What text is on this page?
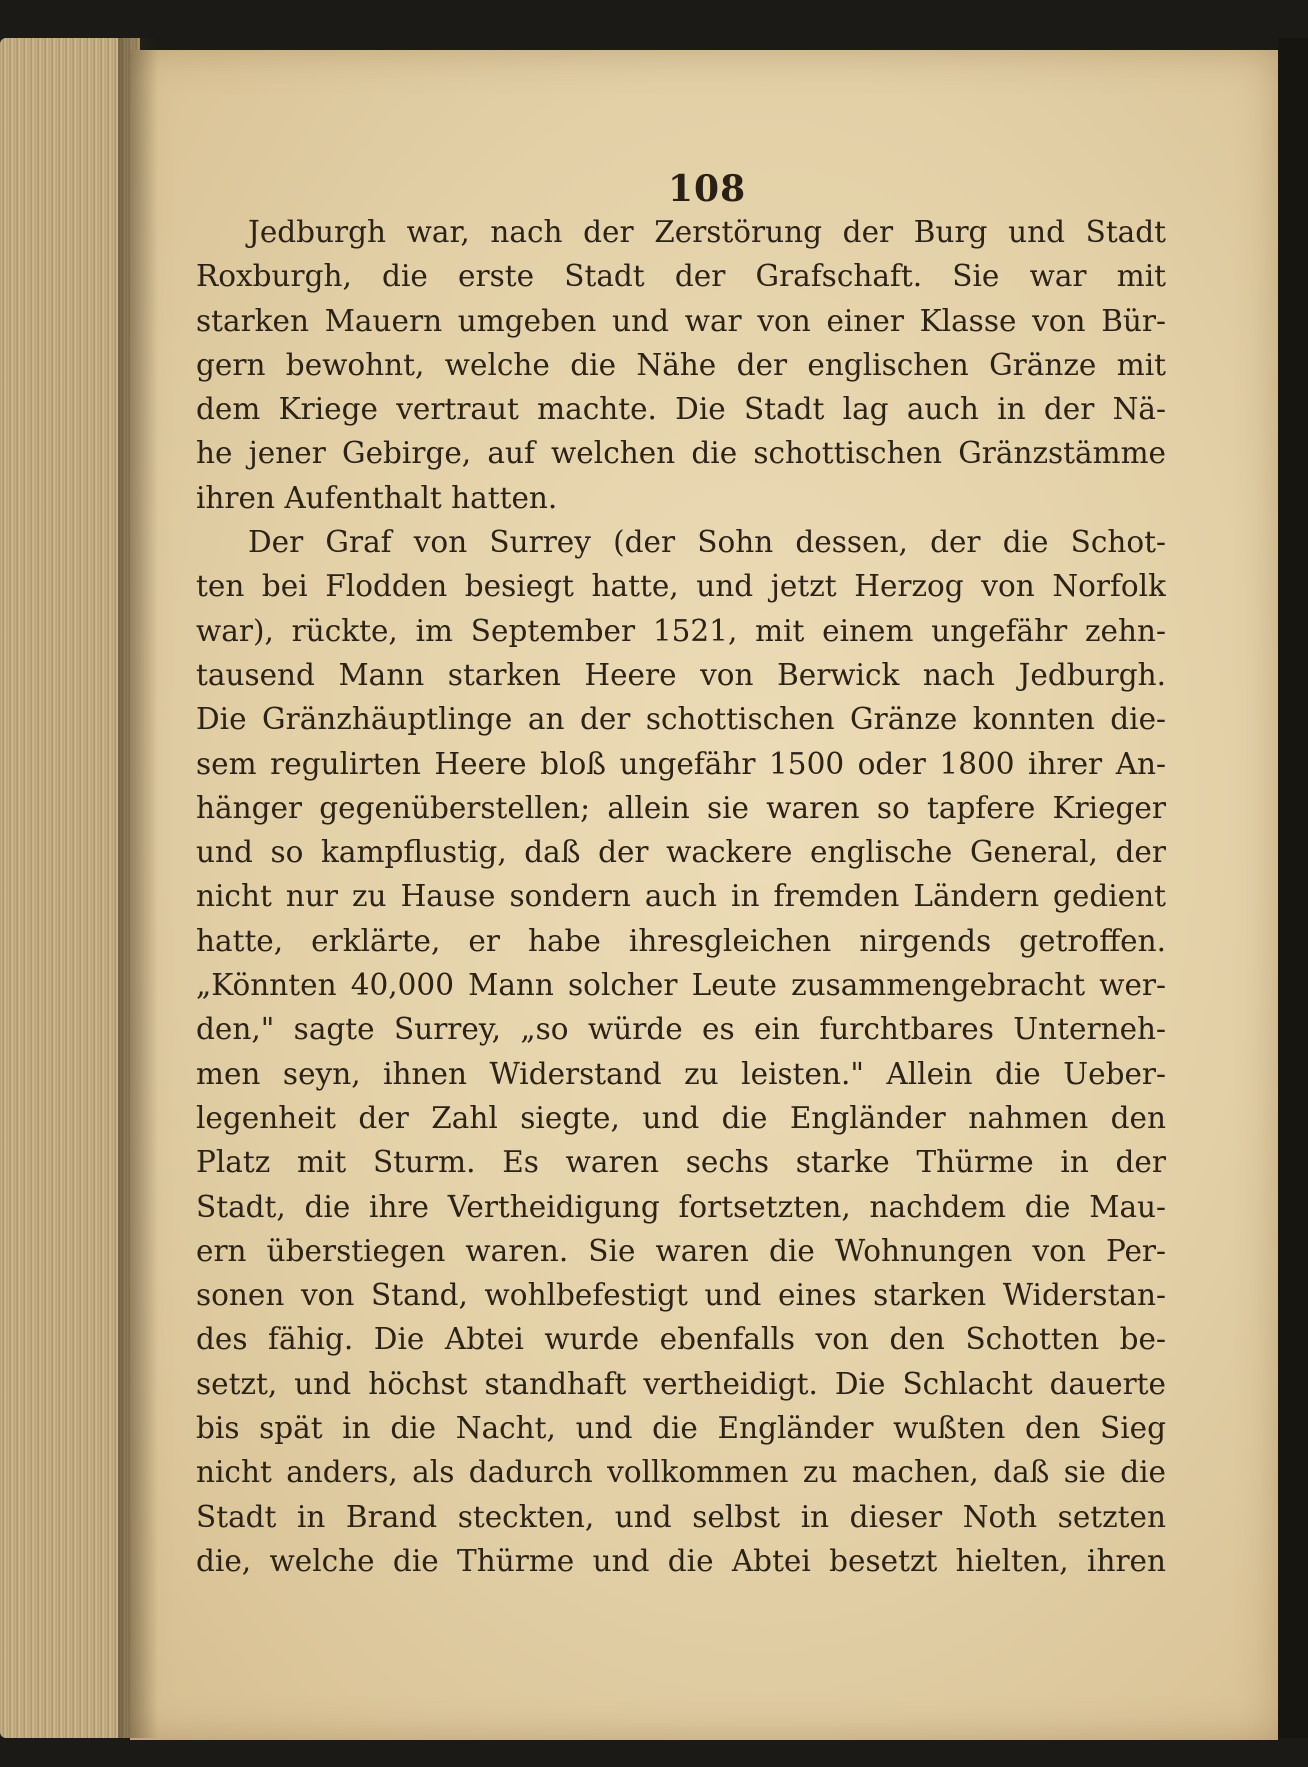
108
Jedburgh war, nach der Zerstörung der Burg und Stadt
Roxburgh, die erste Stadt der Grafschaft. Sie war mit
starken Mauern umgeben und war von einer Klasse von Bür-
gern bewohnt, welche die Nähe der englischen Gränze mit
dem Kriege vertraut machte. Die Stadt lag auch in der Nä-
he jener Gebirge, auf welchen die schottischen Gränzstämme
ihren Aufenthalt hatten.
Der Graf von Surrey (der Sohn dessen, der die Schot-
ten bei Flodden besiegt hatte, und jetzt Herzog von Norfolk
war), rückte, im September 1521, mit einem ungefähr zehn-
tausend Mann starken Heere von Berwick nach Jedburgh.
Die Gränzhäuptlinge an der schottischen Gränze konnten die-
sem regulirten Heere bloß ungefähr 1500 oder 1800 ihrer An-
hänger gegenüberstellen; allein sie waren so tapfere Krieger
und so kampflustig, daß der wackere englische General, der
nicht nur zu Hause sondern auch in fremden Ländern gedient
hatte, erklärte, er habe ihresgleichen nirgends getroffen.
„Könnten 40,000 Mann solcher Leute zusammengebracht wer-
den," sagte Surrey, „so würde es ein furchtbares Unterneh-
men seyn, ihnen Widerstand zu leisten." Allein die Ueber-
legenheit der Zahl siegte, und die Engländer nahmen den
Platz mit Sturm. Es waren sechs starke Thürme in der
Stadt, die ihre Vertheidigung fortsetzten, nachdem die Mau-
ern überstiegen waren. Sie waren die Wohnungen von Per-
sonen von Stand, wohlbefestigt und eines starken Widerstan-
des fähig. Die Abtei wurde ebenfalls von den Schotten be-
setzt, und höchst standhaft vertheidigt. Die Schlacht dauerte
bis spät in die Nacht, und die Engländer wußten den Sieg
nicht anders, als dadurch vollkommen zu machen, daß sie die
Stadt in Brand steckten, und selbst in dieser Noth setzten
die, welche die Thürme und die Abtei besetzt hielten, ihren
